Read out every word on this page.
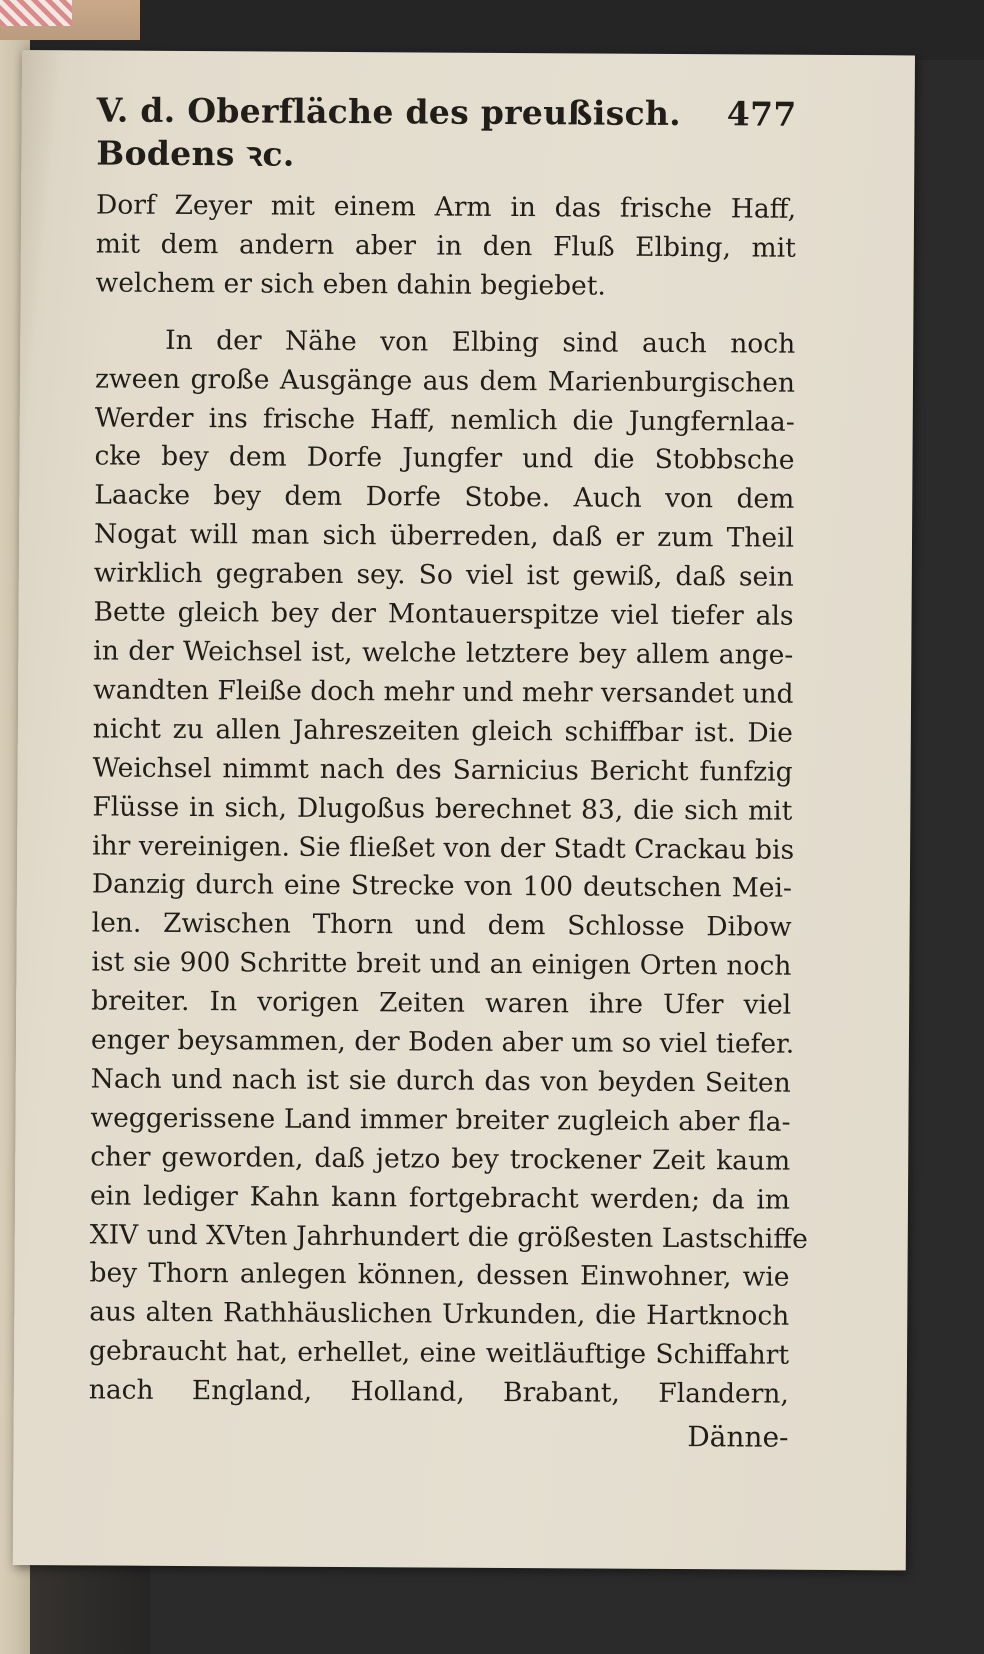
V. d. Oberfläche des preußisch. Bodens ꝛc.
477
Dorf Zeyer mit einem Arm in das frische Haff,
mit dem andern aber in den Fluß Elbing, mit
welchem er sich eben dahin begiebet.
In der Nähe von Elbing sind auch noch
zween große Ausgänge aus dem Marienburgischen
Werder ins frische Haff, nemlich die Jungfernlaa-
cke bey dem Dorfe Jungfer und die Stobbsche
Laacke bey dem Dorfe Stobe. Auch von dem
Nogat will man sich überreden, daß er zum Theil
wirklich gegraben sey. So viel ist gewiß, daß sein
Bette gleich bey der Montauerspitze viel tiefer als
in der Weichsel ist, welche letztere bey allem ange-
wandten Fleiße doch mehr und mehr versandet und
nicht zu allen Jahreszeiten gleich schiffbar ist. Die
Weichsel nimmt nach des Sarnicius Bericht funfzig
Flüsse in sich, Dlugoßus berechnet 83, die sich mit
ihr vereinigen. Sie fließet von der Stadt Crackau bis
Danzig durch eine Strecke von 100 deutschen Mei-
len. Zwischen Thorn und dem Schlosse Dibow
ist sie 900 Schritte breit und an einigen Orten noch
breiter. In vorigen Zeiten waren ihre Ufer viel
enger beysammen, der Boden aber um so viel tiefer.
Nach und nach ist sie durch das von beyden Seiten
weggerissene Land immer breiter zugleich aber fla-
cher geworden, daß jetzo bey trockener Zeit kaum
ein lediger Kahn kann fortgebracht werden; da im
XIV und XVten Jahrhundert die größesten Lastschiffe
bey Thorn anlegen können, dessen Einwohner, wie
aus alten Rathhäuslichen Urkunden, die Hartknoch
gebraucht hat, erhellet, eine weitläuftige Schiffahrt
nach England, Holland, Brabant, Flandern,
Dänne-
